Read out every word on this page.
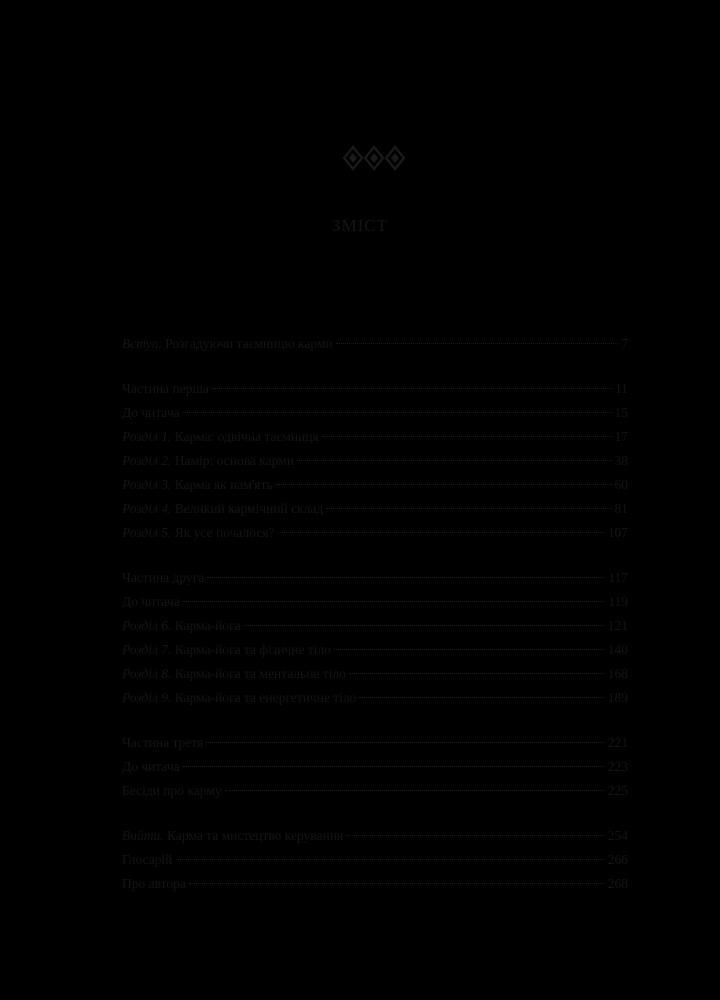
ЗМІСТ
Вступ. Розгадуючи таємницю карми	7
Частина перша	11
До читача	15
Розділ 1. Карма: одвічна таємниця	17
Розділ 2. Намір: основа карми	38
Розділ 3. Карма як пам'ять	60
Розділ 4. Великий кармічний склад	81
Розділ 5. Як усе почалося?	107
Частина друга	117
До читача	119
Розділ 6. Карма-йога	121
Розділ 7. Карма-йога та фізичне тіло	140
Розділ 8. Карма-йога та ментальне тіло	168
Розділ 9. Карма-йога та енергетичне тіло	189
Частина третя	221
До читача	223
Бесіди про карму	225
Вийти. Карма та мистецтво керування	254
Глосарій	266
Про автора	268
